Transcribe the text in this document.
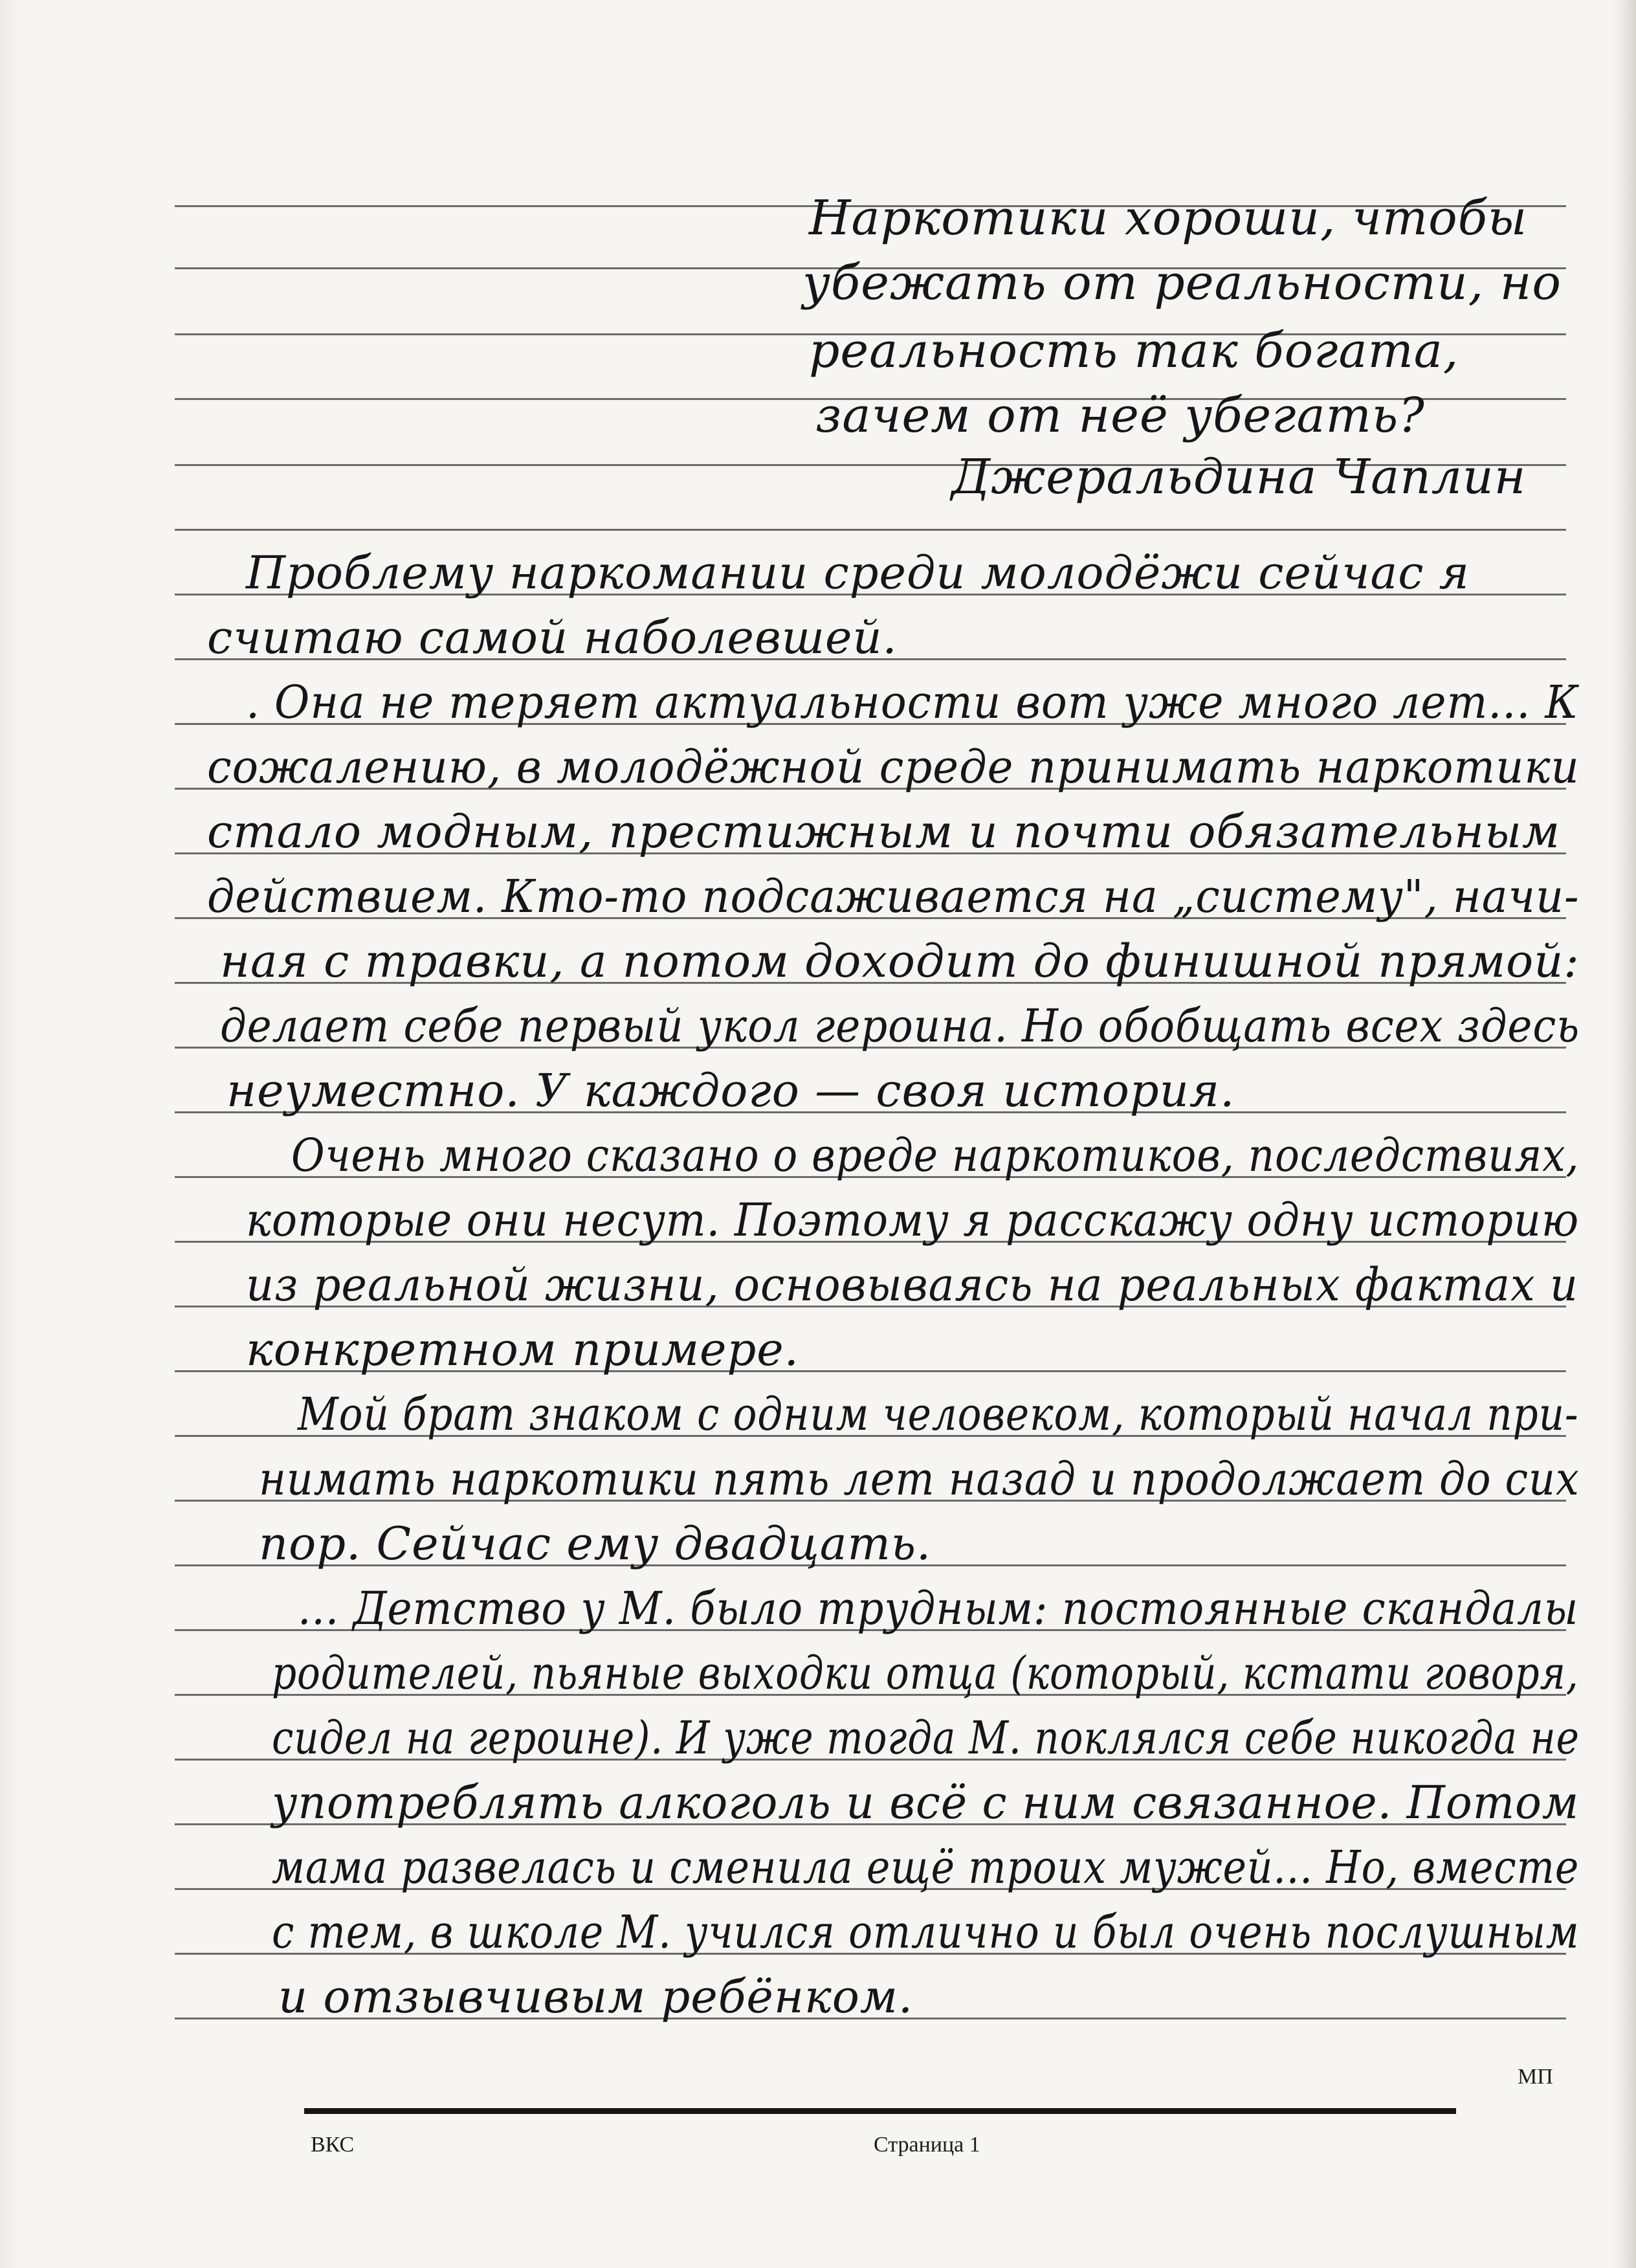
Наркотики хороши, чтобы
убежать от реальности, но
реальность так богата,
зачем от неё убегать?
Джеральдина Чаплин
Проблему наркомании среди молодёжи сейчас я
считаю самой наболевшей.
. Она не теряет актуальности вот уже много лет... К
сожалению, в молодёжной среде принимать наркотики
стало модным, престижным и почти обязательным
действием. Кто-то подсаживается на „систему", начи-
ная с травки, а потом доходит до финишной прямой:
делает себе первый укол героина. Но обобщать всех здесь
неуместно. У каждого — своя история.
Очень много сказано о вреде наркотиков, последствиях,
которые они несут. Поэтому я расскажу одну историю
из реальной жизни, основываясь на реальных фактах и
конкретном примере.
Мой брат знаком с одним человеком, который начал при-
нимать наркотики пять лет назад и продолжает до сих
пор. Сейчас ему двадцать.
... Детство у М. было трудным: постоянные скандалы
родителей, пьяные выходки отца (который, кстати говоря,
сидел на героине). И уже тогда М. поклялся себе никогда не
употреблять алкоголь и всё с ним связанное. Потом
мама развелась и сменила ещё троих мужей... Но, вместе
с тем, в школе М. учился отлично и был очень послушным
и отзывчивым ребёнком.
МП
ВКС	Страница 1
